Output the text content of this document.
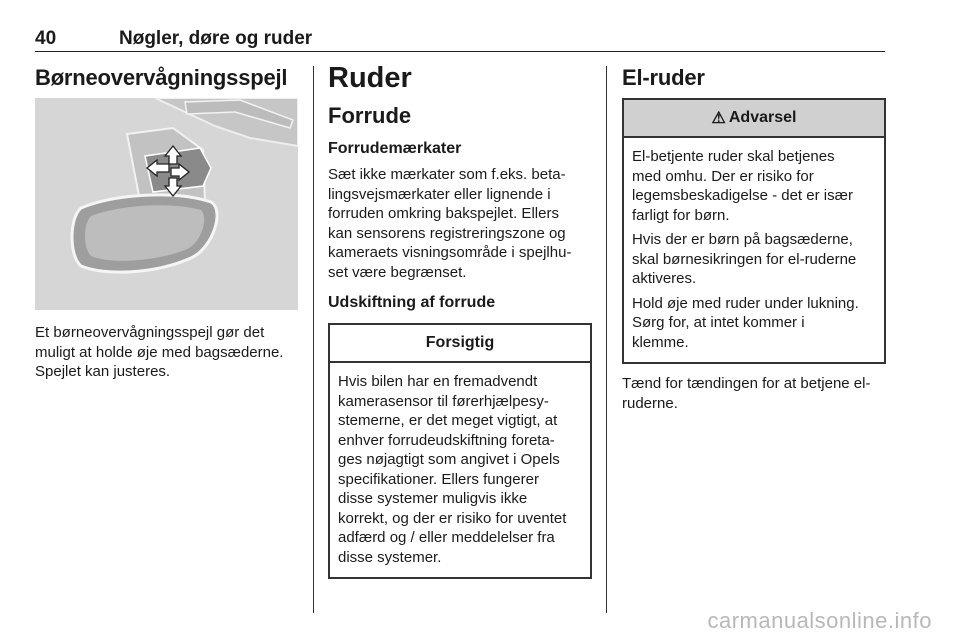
40	Nøgler, døre og ruder
Børneovervågningsspejl
Et børneovervågningsspejl gør det
muligt at holde øje med bagsæderne.
Spejlet kan justeres.
Ruder
Forrude
Forrudemærkater
Sæt ikke mærkater som f.eks. beta-
lingsvejsmærkater eller lignende i
forruden omkring bakspejlet. Ellers
kan sensorens registreringszone og
kameraets visningsområde i spejlhu-
set være begrænset.
Udskiftning af forrude
Forsigtig
Hvis bilen har en fremadvendt
kamerasensor til førerhjælpesy-
stemerne, er det meget vigtigt, at
enhver forrudeudskiftning foreta-
ges nøjagtigt som angivet i Opels
specifikationer. Ellers fungerer
disse systemer muligvis ikke
korrekt, og der er risiko for uventet
adfærd og / eller meddelelser fra
disse systemer.
El-ruder
⚠ Advarsel

El-betjente ruder skal betjenes
med omhu. Der er risiko for
legemsbeskadigelse - det er især
farligt for børn.

Hvis der er børn på bagsæderne,
skal børnesikringen for el-ruderne
aktiveres.

Hold øje med ruder under lukning.
Sørg for, at intet kommer i
klemme.

Tænd for tændingen for at betjene el-
ruderne.
carmanualsonline.info
